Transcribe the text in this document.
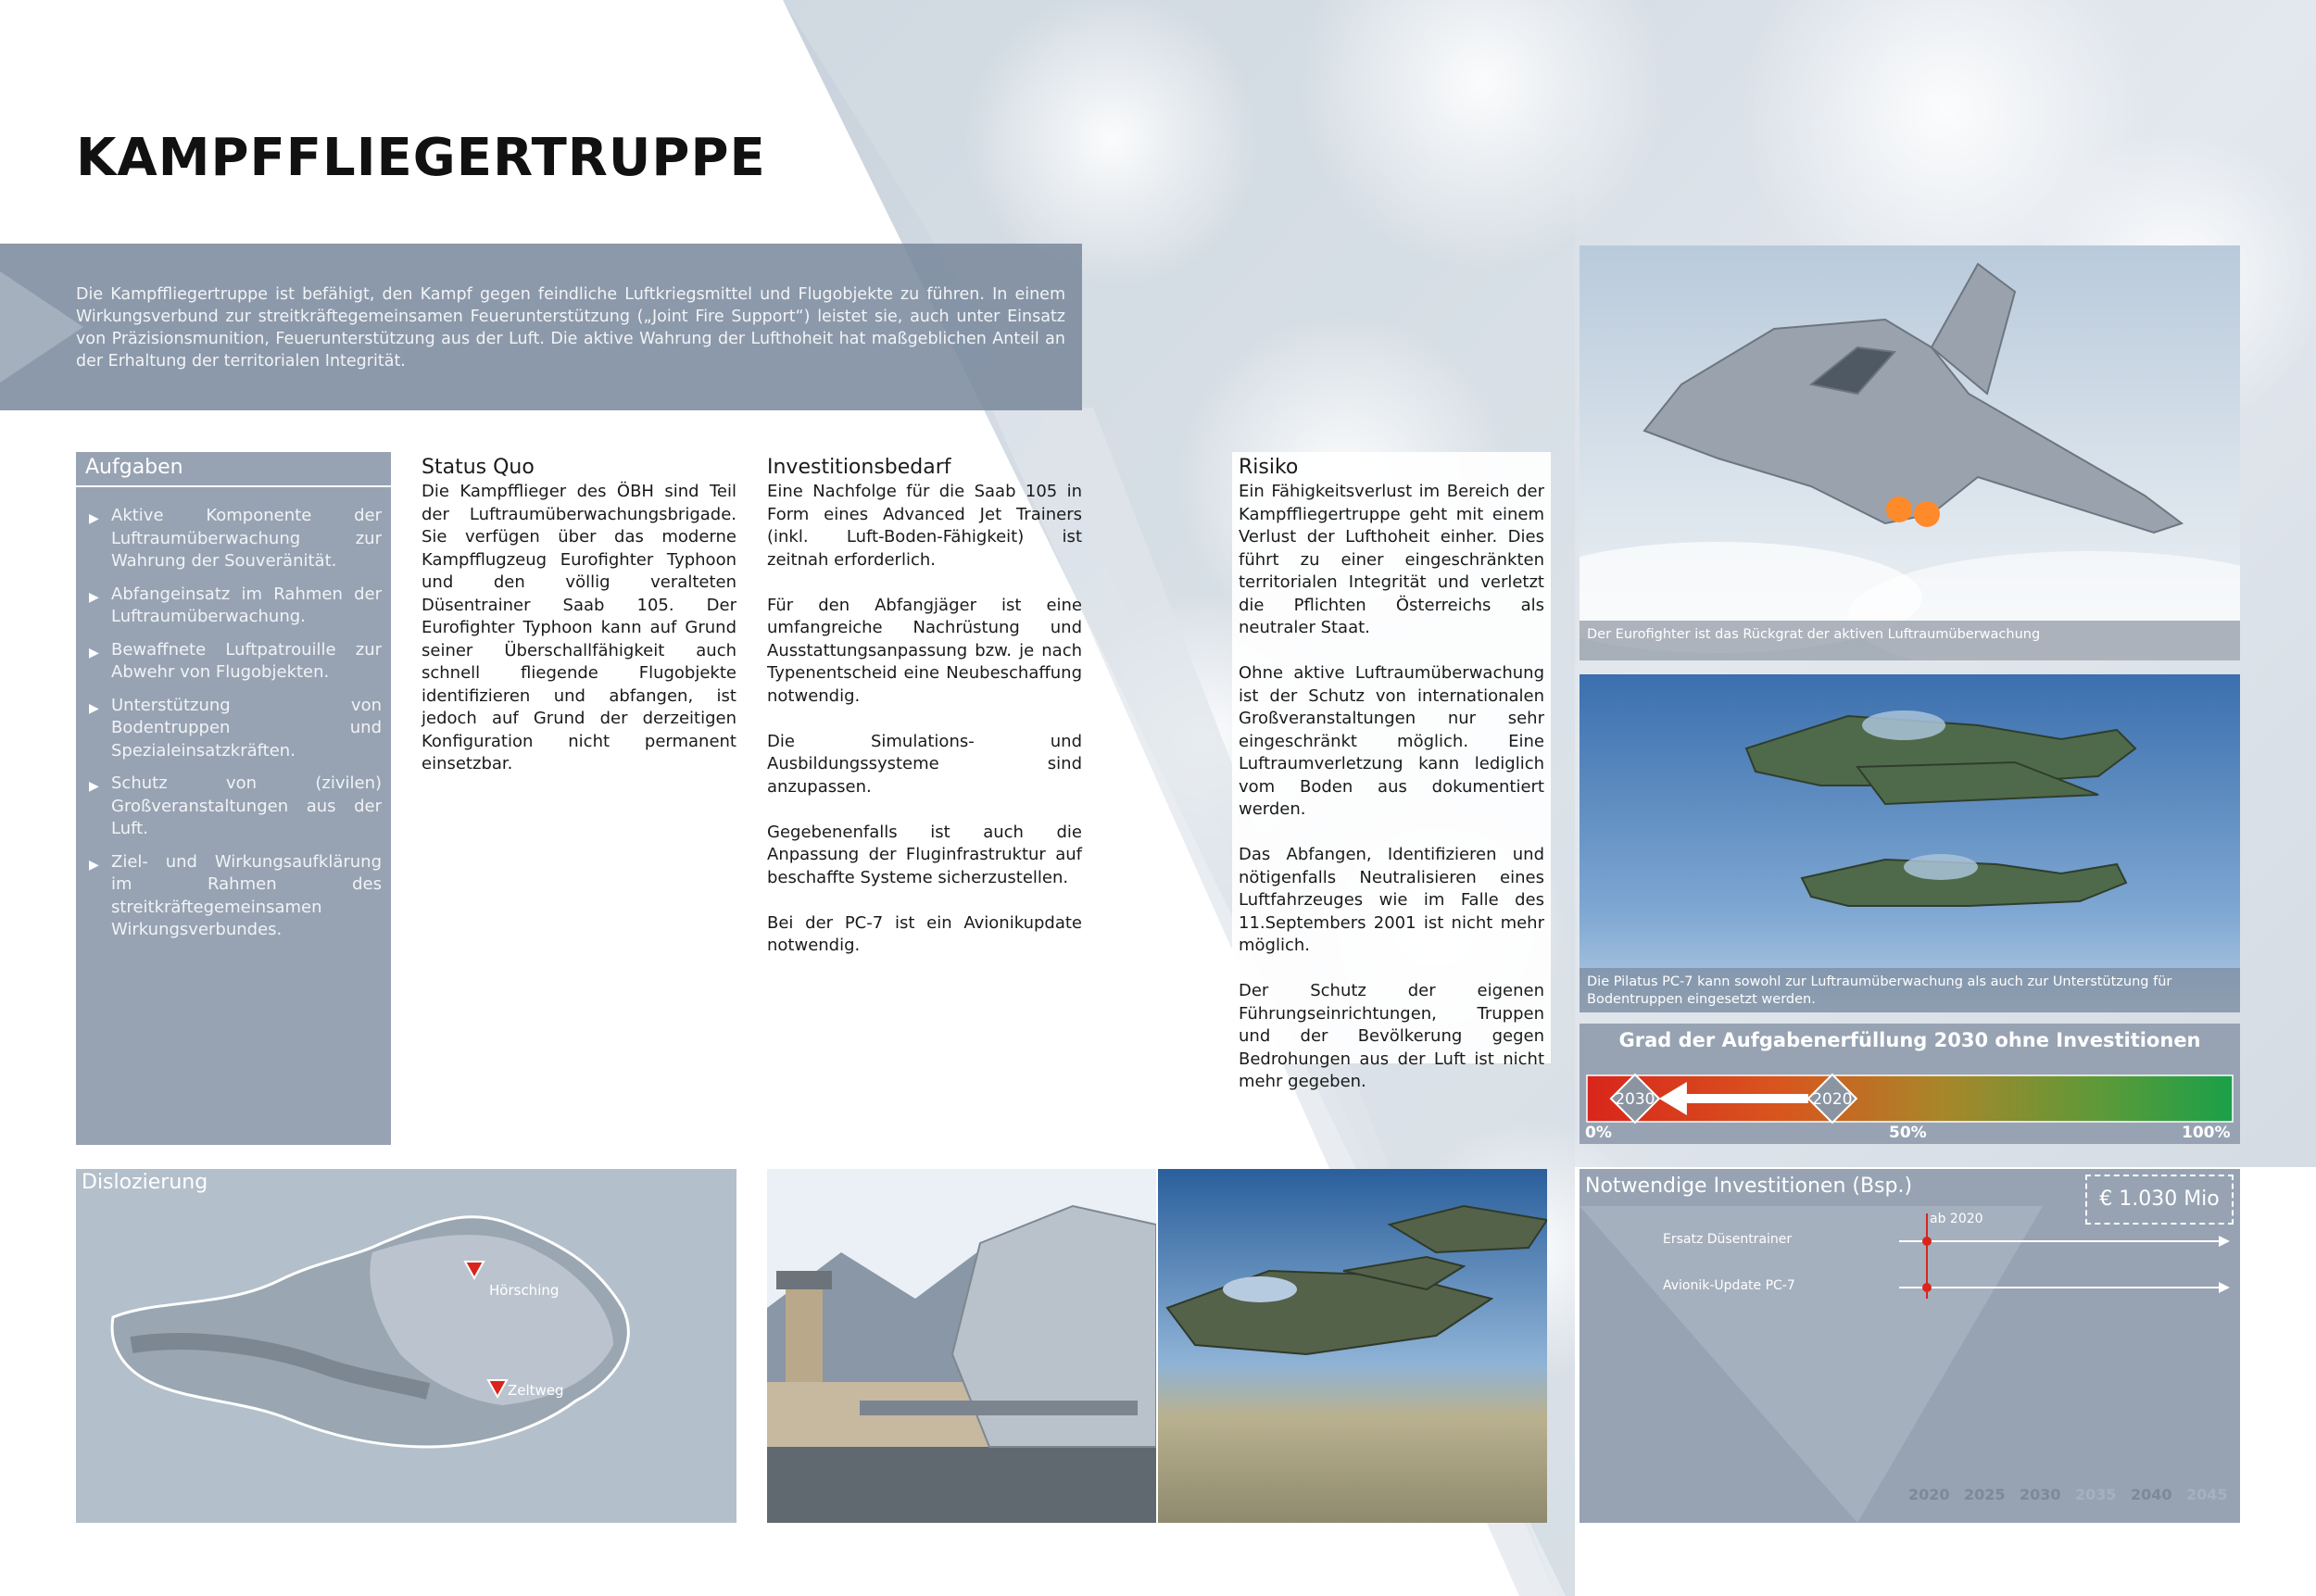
KAMPFFLIEGERTRUPPE
Die Kampffliegertruppe ist befähigt, den Kampf gegen feindliche Luftkriegsmittel und Flugobjekte zu führen. In einem Wirkungsverbund zur streitkräftegemeinsamen Feuerunterstützung („Joint Fire Support“) leistet sie, auch unter Einsatz von Präzisionsmunition, Feuerunterstützung aus der Luft. Die aktive Wahrung der Lufthoheit hat maßgeblichen Anteil an der Erhaltung der territorialen Integrität.
Aufgaben
▶ Aktive Komponente der Luftraumüberwachung zur Wahrung der Souveränität.
▶ Abfangeinsatz im Rahmen der Luftraumüberwachung.
▶ Bewaffnete Luftpatrouille zur Abwehr von Flugobjekten.
▶ Unterstützung von Bodentruppen und Spezialeinsatzkräften.
▶ Schutz von (zivilen) Großveranstaltungen aus der Luft.
▶ Ziel- und Wirkungsaufklärung im Rahmen des streitkräftegemeinsamen Wirkungsverbundes.
Status Quo

Die Kampfflieger des ÖBH sind Teil der Luftraumüberwachungsbrigade. Sie verfügen über das moderne Kampfflugzeug Eurofighter Typhoon und den völlig veralteten Düsentrainer Saab 105. Der Eurofighter Typhoon kann auf Grund seiner Überschallfähigkeit auch schnell fliegende Flugobjekte identifizieren und abfangen, ist jedoch auf Grund der derzeitigen Konfiguration nicht permanent einsetzbar.

Investitionsbedarf

Eine Nachfolge für die Saab 105 in Form eines Advanced Jet Trainers (inkl. Luft-Boden-Fähigkeit) ist zeitnah erforderlich.

Für den Abfangjäger ist eine umfangreiche Nachrüstung und Ausstattungsanpassung bzw. je nach Typenentscheid eine Neubeschaffung notwendig.

Die Simulations- und Ausbildungssysteme sind anzupassen.

Gegebenenfalls ist auch die Anpassung der Fluginfrastruktur auf beschaffte Systeme sicherzustellen.

Bei der PC-7 ist ein Avionikupdate notwendig.

Risiko

Ein Fähigkeitsverlust im Bereich der Kampffliegertruppe geht mit einem Verlust der Lufthoheit einher. Dies führt zu einer eingeschränkten territorialen Integrität und verletzt die Pflichten Österreichs als neutraler Staat.

Ohne aktive Luftraumüberwachung ist der Schutz von internationalen Großveranstaltungen nur sehr eingeschränkt möglich. Eine Luftraumverletzung kann lediglich vom Boden aus dokumentiert werden.

Das Abfangen, Identifizieren und nötigenfalls Neutralisieren eines Luftfahrzeuges wie im Falle des 11.Septembers 2001 ist nicht mehr möglich.

Der Schutz der eigenen Führungseinrichtungen, Truppen und der Bevölkerung gegen Bedrohungen aus der Luft ist nicht mehr gegeben.

Der Eurofighter ist das Rückgrat der aktiven Luftraumüberwachung
Die Pilatus PC-7 kann sowohl zur Luftraumüberwachung als auch zur Unterstützung für Bodentruppen eingesetzt werden.
Grad der Aufgabenerfüllung 2030 ohne Investitionen
2030	2020
0%	50%	100%
Dislozierung
Hörsching
Zeltweg
Notwendige Investitionen (Bsp.)
€ 1.030 Mio
ab 2020
Ersatz Düsentrainer
Avionik-Update PC-7
2020 2025 2030 2035 2040 2045
